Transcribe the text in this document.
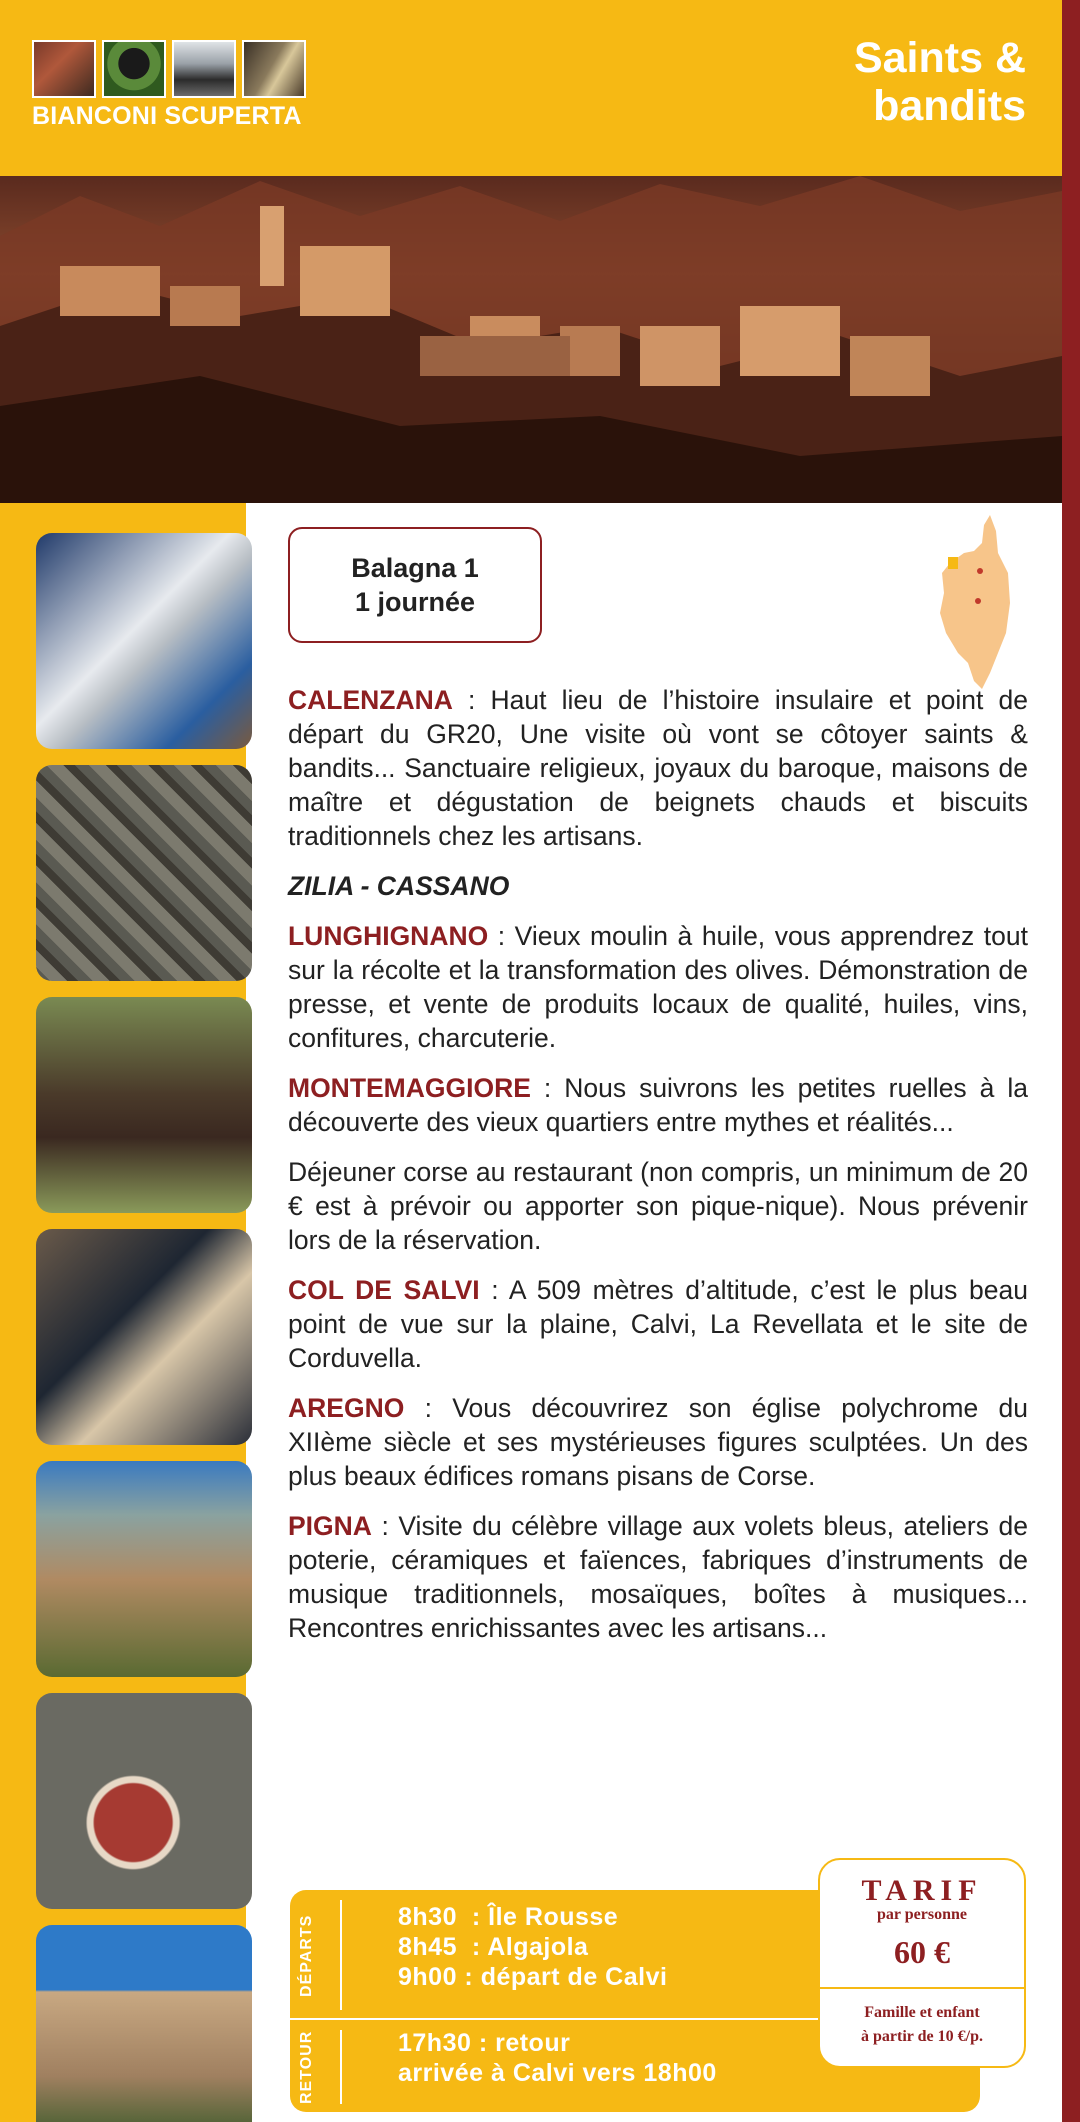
BIANCONI SCUPERTA
Saints &
bandits
Balagna 1
1 journée

CALENZANA : Haut lieu de l’histoire insulaire et point de départ du GR20, Une visite où vont se côtoyer saints & bandits... Sanctuaire religieux, joyaux du baroque, maisons de maître et dégustation de beignets chauds et biscuits traditionnels chez les artisans.

ZILIA - CASSANO

LUNGHIGNANO : Vieux moulin à huile, vous apprendrez tout sur la récolte et la transformation des olives. Démonstration de presse, et vente de produits locaux de qualité, huiles, vins, confitures, charcuterie.

MONTEMAGGIORE : Nous suivrons les petites ruelles à la découverte des vieux quartiers entre mythes et réalités...

Déjeuner corse au restaurant (non compris, un minimum de 20 € est à prévoir ou apporter son pique-nique). Nous prévenir lors de la réservation.

COL DE SALVI : A 509 mètres d’altitude, c’est le plus beau point de vue sur la plaine, Calvi, La Revellata et le site de Corduvella.

AREGNO : Vous découvrirez son église polychrome du XIIème siècle et ses mystérieuses figures sculptées. Un des plus beaux édifices romans pisans de Corse.

PIGNA : Visite du célèbre village aux volets bleus, ateliers de poterie, céramiques et faïences, fabriques d’instruments de musique traditionnels, mosaïques, boîtes à musiques... Rencontres enrichissantes avec les artisans...

DÉPARTS	8h30  : Île Rousse
8h45  : Algajola
9h00 : départ de Calvi
RETOUR	17h30 : retour
arrivée à Calvi vers 18h00
TARIF
par personne
60 €
Famille et enfant
à partir de 10 €/p.
